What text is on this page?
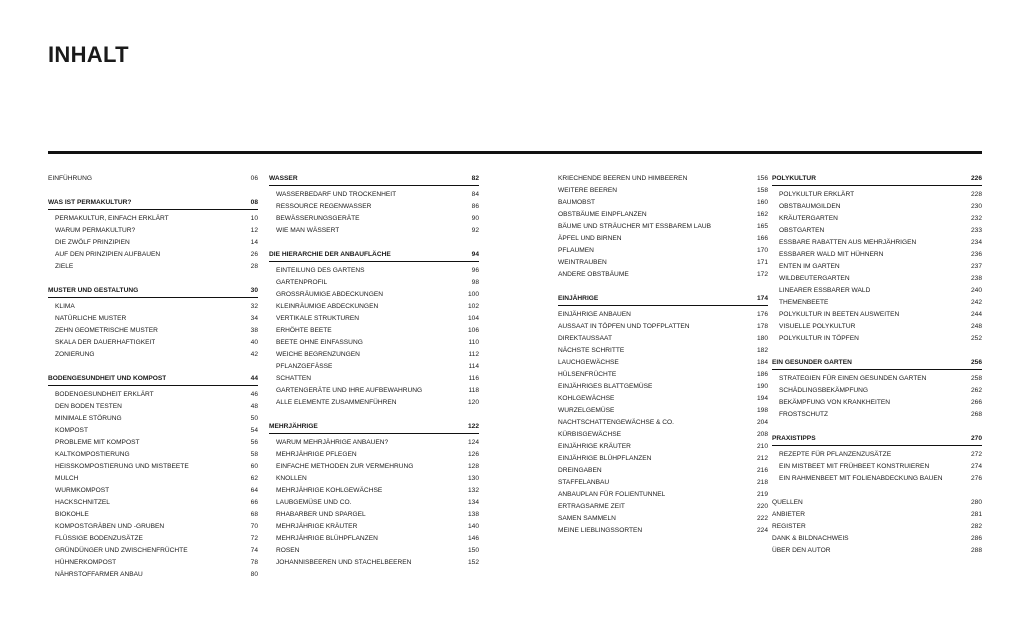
INHALT
EINFÜHRUNG	06
WAS IST PERMAKULTUR?	08
PERMAKULTUR, EINFACH ERKLÄRT	10
WARUM PERMAKULTUR?	12
DIE ZWÖLF PRINZIPIEN	14
AUF DEN PRINZIPIEN AUFBAUEN	26
ZIELE	28
MUSTER UND GESTALTUNG	30
KLIMA	32
NATÜRLICHE MUSTER	34
ZEHN GEOMETRISCHE MUSTER	38
SKALA DER DAUERHAFTIGKEIT	40
ZONIERUNG	42
BODENGESUNDHEIT UND KOMPOST	44
BODENGESUNDHEIT ERKLÄRT	46
DEN BODEN TESTEN	48
MINIMALE STÖRUNG	50
KOMPOST	54
PROBLEME MIT KOMPOST	56
KALTKOMPOSTIERUNG	58
HEISSKOMPOSTIERUNG UND MISTBEETE	60
MULCH	62
WURMKOMPOST	64
HACKSCHNITZEL	66
BIOKOHLE	68
KOMPOSTGRÄBEN UND -GRUBEN	70
FLÜSSIGE BODENZUSÄTZE	72
GRÜNDÜNGER UND ZWISCHENFRÜCHTE	74
HÜHNERKOMPOST	78
NÄHRSTOFFARMER ANBAU	80
WASSER	82
WASSERBEDARF UND TROCKENHEIT	84
RESSOURCE REGENWASSER	86
BEWÄSSERUNGSGERÄTE	90
WIE MAN WÄSSERT	92
DIE HIERARCHIE DER ANBAUFLÄCHE	94
EINTEILUNG DES GARTENS	96
GARTENPROFIL	98
GROSSRÄUMIGE ABDECKUNGEN	100
KLEINRÄUMIGE ABDECKUNGEN	102
VERTIKALE STRUKTUREN	104
ERHÖHTE BEETE	106
BEETE OHNE EINFASSUNG	110
WEICHE BEGRENZUNGEN	112
PFLANZGEFÄSSE	114
SCHATTEN	116
GARTENGERÄTE UND IHRE AUFBEWAHRUNG	118
ALLE ELEMENTE ZUSAMMENFÜHREN	120
MEHRJÄHRIGE	122
WARUM MEHRJÄHRIGE ANBAUEN?	124
MEHRJÄHRIGE PFLEGEN	126
EINFACHE METHODEN ZUR VERMEHRUNG	128
KNOLLEN	130
MEHRJÄHRIGE KOHLGEWÄCHSE	132
LAUBGEMÜSE UND CO.	134
RHABARBER UND SPARGEL	138
MEHRJÄHRIGE KRÄUTER	140
MEHRJÄHRIGE BLÜHPFLANZEN	146
ROSEN	150
JOHANNISBEEREN UND STACHELBEEREN	152
KRIECHENDE BEEREN UND HIMBEEREN	156
WEITERE BEEREN	158
BAUMOBST	160
OBSTBÄUME EINPFLANZEN	162
BÄUME UND STRÄUCHER MIT ESSBAREM LAUB	165
ÄPFEL UND BIRNEN	166
PFLAUMEN	170
WEINTRAUBEN	171
ANDERE OBSTBÄUME	172
EINJÄHRIGE	174
EINJÄHRIGE ANBAUEN	176
AUSSAAT IN TÖPFEN UND TOPFPLATTEN	178
DIREKTAUSSAAT	180
NÄCHSTE SCHRITTE	182
LAUCHGEWÄCHSE	184
HÜLSENFRÜCHTE	186
EINJÄHRIGES BLATTGEMÜSE	190
KOHLGEWÄCHSE	194
WURZELGEMÜSE	198
NACHTSCHATTENGEWÄCHSE & CO.	204
KÜRBISGEWÄCHSE	208
EINJÄHRIGE KRÄUTER	210
EINJÄHRIGE BLÜHPFLANZEN	212
DREINGABEN	216
STAFFELANBAU	218
ANBAUPLAN FÜR FOLIENTUNNEL	219
ERTRAGSARME ZEIT	220
SAMEN SAMMELN	222
MEINE LIEBLINGSSORTEN	224
POLYKULTUR	226
POLYKULTUR ERKLÄRT	228
OBSTBAUMGILDEN	230
KRÄUTERGARTEN	232
OBSTGARTEN	233
ESSBARE RABATTEN AUS MEHRJÄHRIGEN	234
ESSBARER WALD MIT HÜHNERN	236
ENTEN IM GARTEN	237
WILDBEUTERGARTEN	238
LINEARER ESSBARER WALD	240
THEMENBEETE	242
POLYKULTUR IN BEETEN AUSWEITEN	244
VISUELLE POLYKULTUR	248
POLYKULTUR IN TÖPFEN	252
EIN GESUNDER GARTEN	256
STRATEGIEN FÜR EINEN GESUNDEN GARTEN	258
SCHÄDLINGSBEKÄMPFUNG	262
BEKÄMPFUNG VON KRANKHEITEN	266
FROSTSCHUTZ	268
PRAXISTIPPS	270
REZEPTE FÜR PFLANZENZUSÄTZE	272
EIN MISTBEET MIT FRÜHBEET KONSTRUIEREN	274
EIN RAHMENBEET MIT FOLIENABDECKUNG BAUEN	276
QUELLEN	280
ANBIETER	281
REGISTER	282
DANK & BILDNACHWEIS	286
ÜBER DEN AUTOR	288
